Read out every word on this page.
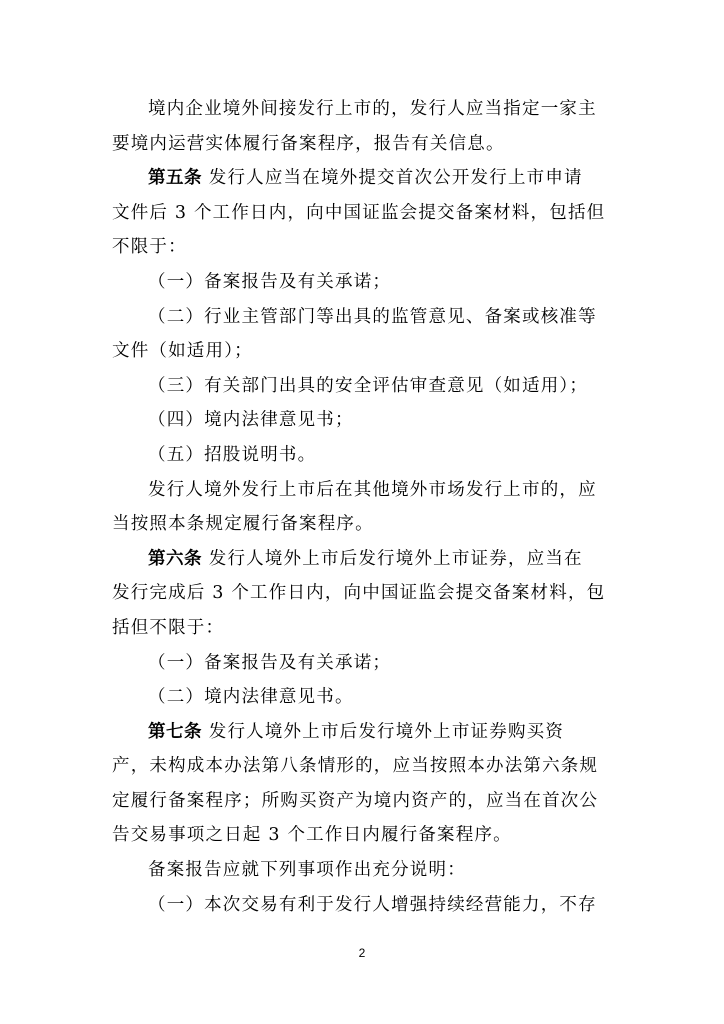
境内企业境外间接发行上市的，发行人应当指定一家主
要境内运营实体履行备案程序，报告有关信息。
第五条 发行人应当在境外提交首次公开发行上市申请
文件后 3 个工作日内，向中国证监会提交备案材料，包括但
不限于：
（一）备案报告及有关承诺；
（二）行业主管部门等出具的监管意见、备案或核准等
文件（如适用）；
（三）有关部门出具的安全评估审查意见（如适用）；
（四）境内法律意见书；
（五）招股说明书。
发行人境外发行上市后在其他境外市场发行上市的，应
当按照本条规定履行备案程序。
第六条 发行人境外上市后发行境外上市证券，应当在
发行完成后 3 个工作日内，向中国证监会提交备案材料，包
括但不限于：
（一）备案报告及有关承诺；
（二）境内法律意见书。
第七条 发行人境外上市后发行境外上市证券购买资
产，未构成本办法第八条情形的，应当按照本办法第六条规
定履行备案程序；所购买资产为境内资产的，应当在首次公
告交易事项之日起 3 个工作日内履行备案程序。
备案报告应就下列事项作出充分说明：
（一）本次交易有利于发行人增强持续经营能力，不存
2
